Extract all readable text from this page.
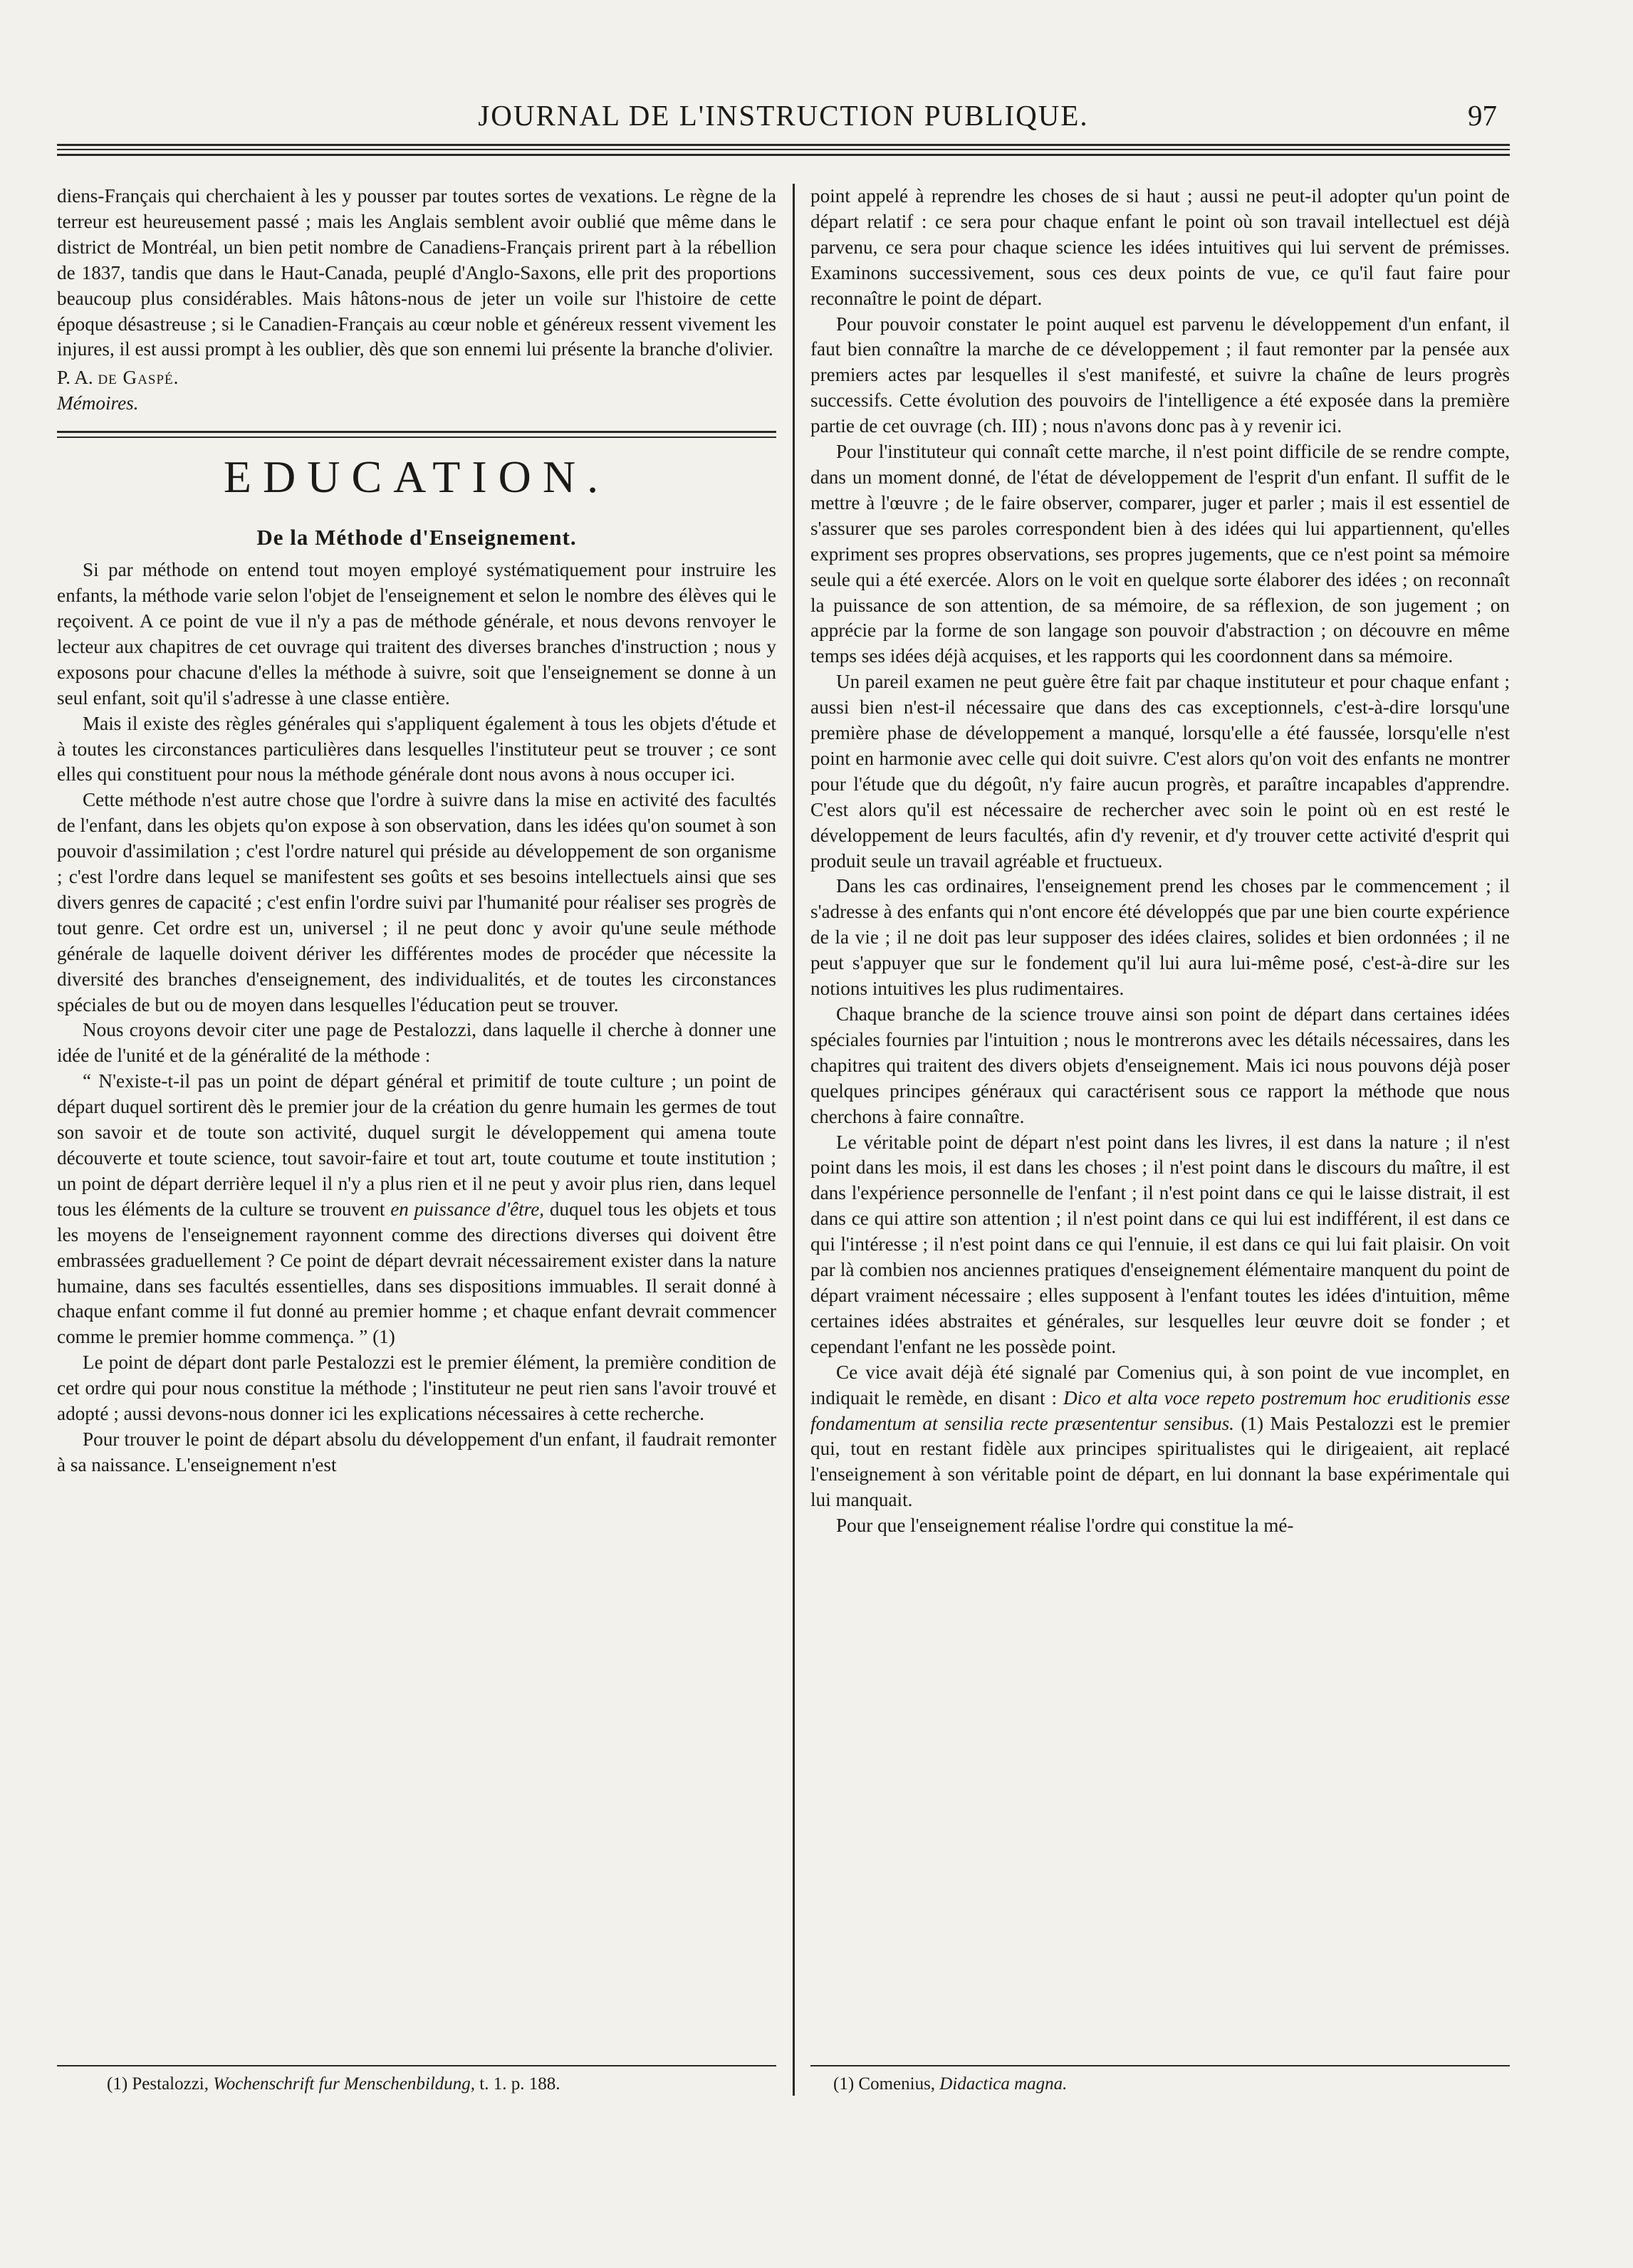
JOURNAL DE L'INSTRUCTION PUBLIQUE.	97

diens-Français qui cherchaient à les y pousser par toutes sortes de vexations. Le règne de la terreur est heureusement passé ; mais les Anglais semblent avoir oublié que même dans le district de Montréal, un bien petit nombre de Canadiens-Français prirent part à la rébellion de 1837, tandis que dans le Haut-Canada, peuplé d'Anglo-Saxons, elle prit des proportions beaucoup plus considérables. Mais hâtons-nous de jeter un voile sur l'histoire de cette époque désastreuse ; si le Canadien-Français au cœur noble et généreux ressent vivement les injures, il est aussi prompt à les oublier, dès que son ennemi lui présente la branche d'olivier.

P. A. de Gaspé.

Mémoires.

EDUCATION.
De la Méthode d'Enseignement.

Si par méthode on entend tout moyen employé systématiquement pour instruire les enfants, la méthode varie selon l'objet de l'enseignement et selon le nombre des élèves qui le reçoivent. A ce point de vue il n'y a pas de méthode générale, et nous devons renvoyer le lecteur aux chapitres de cet ouvrage qui traitent des diverses branches d'instruction ; nous y exposons pour chacune d'elles la méthode à suivre, soit que l'enseignement se donne à un seul enfant, soit qu'il s'adresse à une classe entière.

Mais il existe des règles générales qui s'appliquent également à tous les objets d'étude et à toutes les circonstances particulières dans lesquelles l'instituteur peut se trouver ; ce sont elles qui constituent pour nous la méthode générale dont nous avons à nous occuper ici.

Cette méthode n'est autre chose que l'ordre à suivre dans la mise en activité des facultés de l'enfant, dans les objets qu'on expose à son observation, dans les idées qu'on soumet à son pouvoir d'assimilation ; c'est l'ordre naturel qui préside au développement de son organisme ; c'est l'ordre dans lequel se manifestent ses goûts et ses besoins intellectuels ainsi que ses divers genres de capacité ; c'est enfin l'ordre suivi par l'humanité pour réaliser ses progrès de tout genre. Cet ordre est un, universel ; il ne peut donc y avoir qu'une seule méthode générale de laquelle doivent dériver les différentes modes de procéder que nécessite la diversité des branches d'enseignement, des individualités, et de toutes les circonstances spéciales de but ou de moyen dans lesquelles l'éducation peut se trouver.

Nous croyons devoir citer une page de Pestalozzi, dans laquelle il cherche à donner une idée de l'unité et de la généralité de la méthode :

“ N'existe-t-il pas un point de départ général et primitif de toute culture ; un point de départ duquel sortirent dès le premier jour de la création du genre humain les germes de tout son savoir et de toute son activité, duquel surgit le développement qui amena toute découverte et toute science, tout savoir-faire et tout art, toute coutume et toute institution ; un point de départ derrière lequel il n'y a plus rien et il ne peut y avoir plus rien, dans lequel tous les éléments de la culture se trouvent en puissance d'être, duquel tous les objets et tous les moyens de l'enseignement rayonnent comme des directions diverses qui doivent être embrassées graduellement ? Ce point de départ devrait nécessairement exister dans la nature humaine, dans ses facultés essentielles, dans ses dispositions immuables. Il serait donné à chaque enfant comme il fut donné au premier homme ; et chaque enfant devrait commencer comme le premier homme commença. ” (1)

Le point de départ dont parle Pestalozzi est le premier élément, la première condition de cet ordre qui pour nous constitue la méthode ; l'instituteur ne peut rien sans l'avoir trouvé et adopté ; aussi devons-nous donner ici les explications nécessaires à cette recherche.

Pour trouver le point de départ absolu du développement d'un enfant, il faudrait remonter à sa naissance. L'enseignement n'est

(1) Pestalozzi, Wochenschrift fur Menschenbildung, t. 1. p. 188.

point appelé à reprendre les choses de si haut ; aussi ne peut-il adopter qu'un point de départ relatif : ce sera pour chaque enfant le point où son travail intellectuel est déjà parvenu, ce sera pour chaque science les idées intuitives qui lui servent de prémisses. Examinons successivement, sous ces deux points de vue, ce qu'il faut faire pour reconnaître le point de départ.

Pour pouvoir constater le point auquel est parvenu le développement d'un enfant, il faut bien connaître la marche de ce développement ; il faut remonter par la pensée aux premiers actes par lesquelles il s'est manifesté, et suivre la chaîne de leurs progrès successifs. Cette évolution des pouvoirs de l'intelligence a été exposée dans la première partie de cet ouvrage (ch. III) ; nous n'avons donc pas à y revenir ici.

Pour l'instituteur qui connaît cette marche, il n'est point difficile de se rendre compte, dans un moment donné, de l'état de développement de l'esprit d'un enfant. Il suffit de le mettre à l'œuvre ; de le faire observer, comparer, juger et parler ; mais il est essentiel de s'assurer que ses paroles correspondent bien à des idées qui lui appartiennent, qu'elles expriment ses propres observations, ses propres jugements, que ce n'est point sa mémoire seule qui a été exercée. Alors on le voit en quelque sorte élaborer des idées ; on reconnaît la puissance de son attention, de sa mémoire, de sa réflexion, de son jugement ; on apprécie par la forme de son langage son pouvoir d'abstraction ; on découvre en même temps ses idées déjà acquises, et les rapports qui les coordonnent dans sa mémoire.

Un pareil examen ne peut guère être fait par chaque instituteur et pour chaque enfant ; aussi bien n'est-il nécessaire que dans des cas exceptionnels, c'est-à-dire lorsqu'une première phase de développement a manqué, lorsqu'elle a été faussée, lorsqu'elle n'est point en harmonie avec celle qui doit suivre. C'est alors qu'on voit des enfants ne montrer pour l'étude que du dégoût, n'y faire aucun progrès, et paraître incapables d'apprendre. C'est alors qu'il est nécessaire de rechercher avec soin le point où en est resté le développement de leurs facultés, afin d'y revenir, et d'y trouver cette activité d'esprit qui produit seule un travail agréable et fructueux.

Dans les cas ordinaires, l'enseignement prend les choses par le commencement ; il s'adresse à des enfants qui n'ont encore été développés que par une bien courte expérience de la vie ; il ne doit pas leur supposer des idées claires, solides et bien ordonnées ; il ne peut s'appuyer que sur le fondement qu'il lui aura lui-même posé, c'est-à-dire sur les notions intuitives les plus rudimentaires.

Chaque branche de la science trouve ainsi son point de départ dans certaines idées spéciales fournies par l'intuition ; nous le montrerons avec les détails nécessaires, dans les chapitres qui traitent des divers objets d'enseignement. Mais ici nous pouvons déjà poser quelques principes généraux qui caractérisent sous ce rapport la méthode que nous cherchons à faire connaître.

Le véritable point de départ n'est point dans les livres, il est dans la nature ; il n'est point dans les mois, il est dans les choses ; il n'est point dans le discours du maître, il est dans l'expérience personnelle de l'enfant ; il n'est point dans ce qui le laisse distrait, il est dans ce qui attire son attention ; il n'est point dans ce qui lui est indifférent, il est dans ce qui l'intéresse ; il n'est point dans ce qui l'ennuie, il est dans ce qui lui fait plaisir. On voit par là combien nos anciennes pratiques d'enseignement élémentaire manquent du point de départ vraiment nécessaire ; elles supposent à l'enfant toutes les idées d'intuition, même certaines idées abstraites et générales, sur lesquelles leur œuvre doit se fonder ; et cependant l'enfant ne les possède point.

Ce vice avait déjà été signalé par Comenius qui, à son point de vue incomplet, en indiquait le remède, en disant : Dico et alta voce repeto postremum hoc eruditionis esse fondamentum at sensilia recte præsententur sensibus. (1) Mais Pestalozzi est le premier qui, tout en restant fidèle aux principes spiritualistes qui le dirigeaient, ait replacé l'enseignement à son véritable point de départ, en lui donnant la base expérimentale qui lui manquait.

Pour que l'enseignement réalise l'ordre qui constitue la mé-

(1) Comenius, Didactica magna.
